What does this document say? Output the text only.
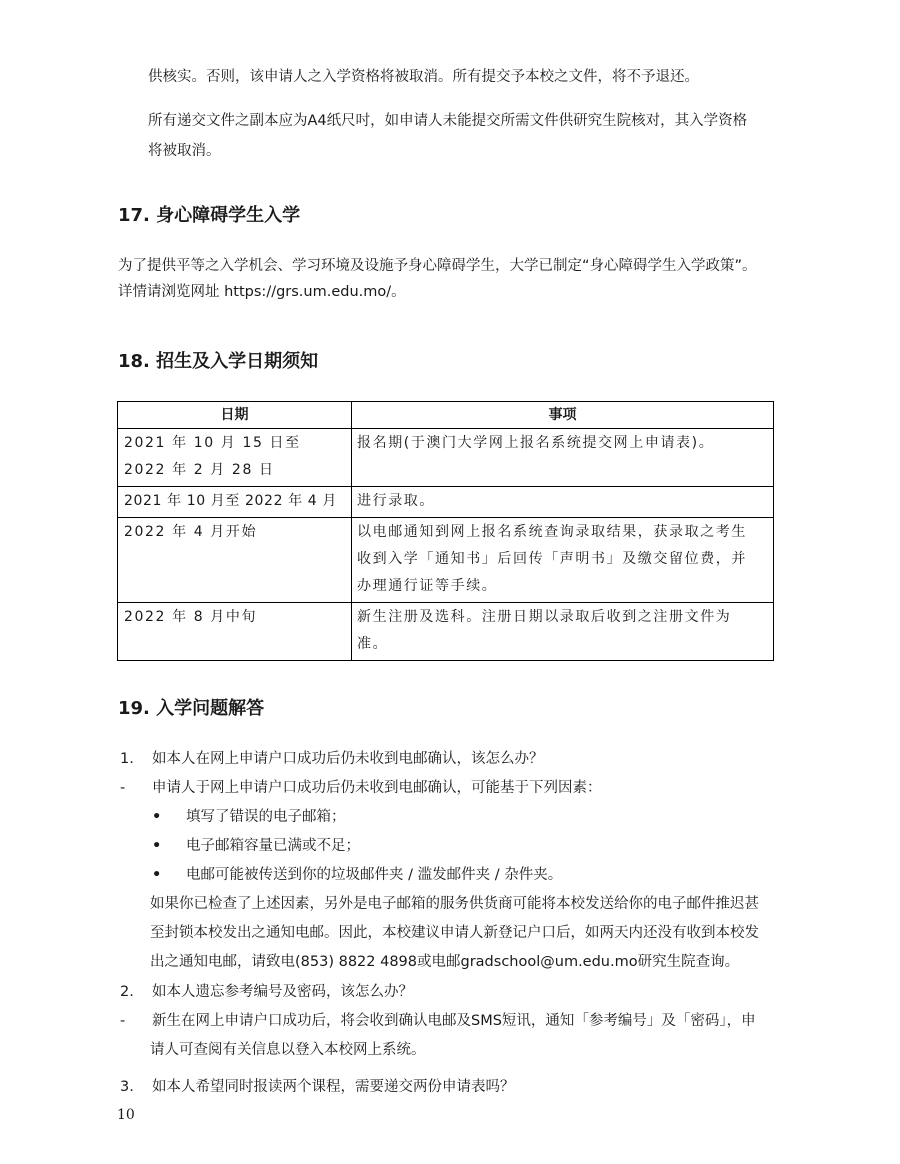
供核实。否则，该申请人之入学资格将被取消。所有提交予本校之文件，将不予退还。
所有递交文件之副本应为A4纸尺吋，如申请人未能提交所需文件供研究生院核对，其入学资格
将被取消。
17. 身心障碍学生入学
为了提供平等之入学机会、学习环境及设施予身心障碍学生，大学已制定“身心障碍学生入学政策”。
详情请浏览网址 https://grs.um.edu.mo/。
18. 招生及入学日期须知
日期	事项

2021 年 10 月 15 日至
2022 年 2 月 28 日	报名期(于澳门大学网上报名系统提交网上申请表)。

2021 年 10 月至 2022 年 4 月	进行录取。

2022 年 4 月开始	以电邮通知到网上报名系统查询录取结果，获录取之考生
收到入学「通知书」后回传「声明书」及缴交留位费，并
办理通行证等手续。

2022 年 8 月中旬	新生注册及选科。注册日期以录取后收到之注册文件为
准。
19. 入学问题解答
1.	如本人在网上申请户口成功后仍未收到电邮确认，该怎么办？
-	申请人于网上申请户口成功后仍未收到电邮确认，可能基于下列因素：
•	填写了错误的电子邮箱；
•	电子邮箱容量已满或不足；
•	电邮可能被传送到你的垃圾邮件夹 / 滥发邮件夹 / 杂件夹。
如果你已检查了上述因素，另外是电子邮箱的服务供货商可能将本校发送给你的电子邮件推迟甚
至封锁本校发出之通知电邮。因此，本校建议申请人新登记户口后，如两天内还没有收到本校发
出之通知电邮，请致电(853) 8822 4898或电邮gradschool@um.edu.mo研究生院查询。
2.	如本人遗忘参考编号及密码，该怎么办？
-	新生在网上申请户口成功后，将会收到确认电邮及SMS短讯，通知「参考编号」及「密码」，申
请人可查阅有关信息以登入本校网上系统。
3.	如本人希望同时报读两个课程，需要递交两份申请表吗？
10
